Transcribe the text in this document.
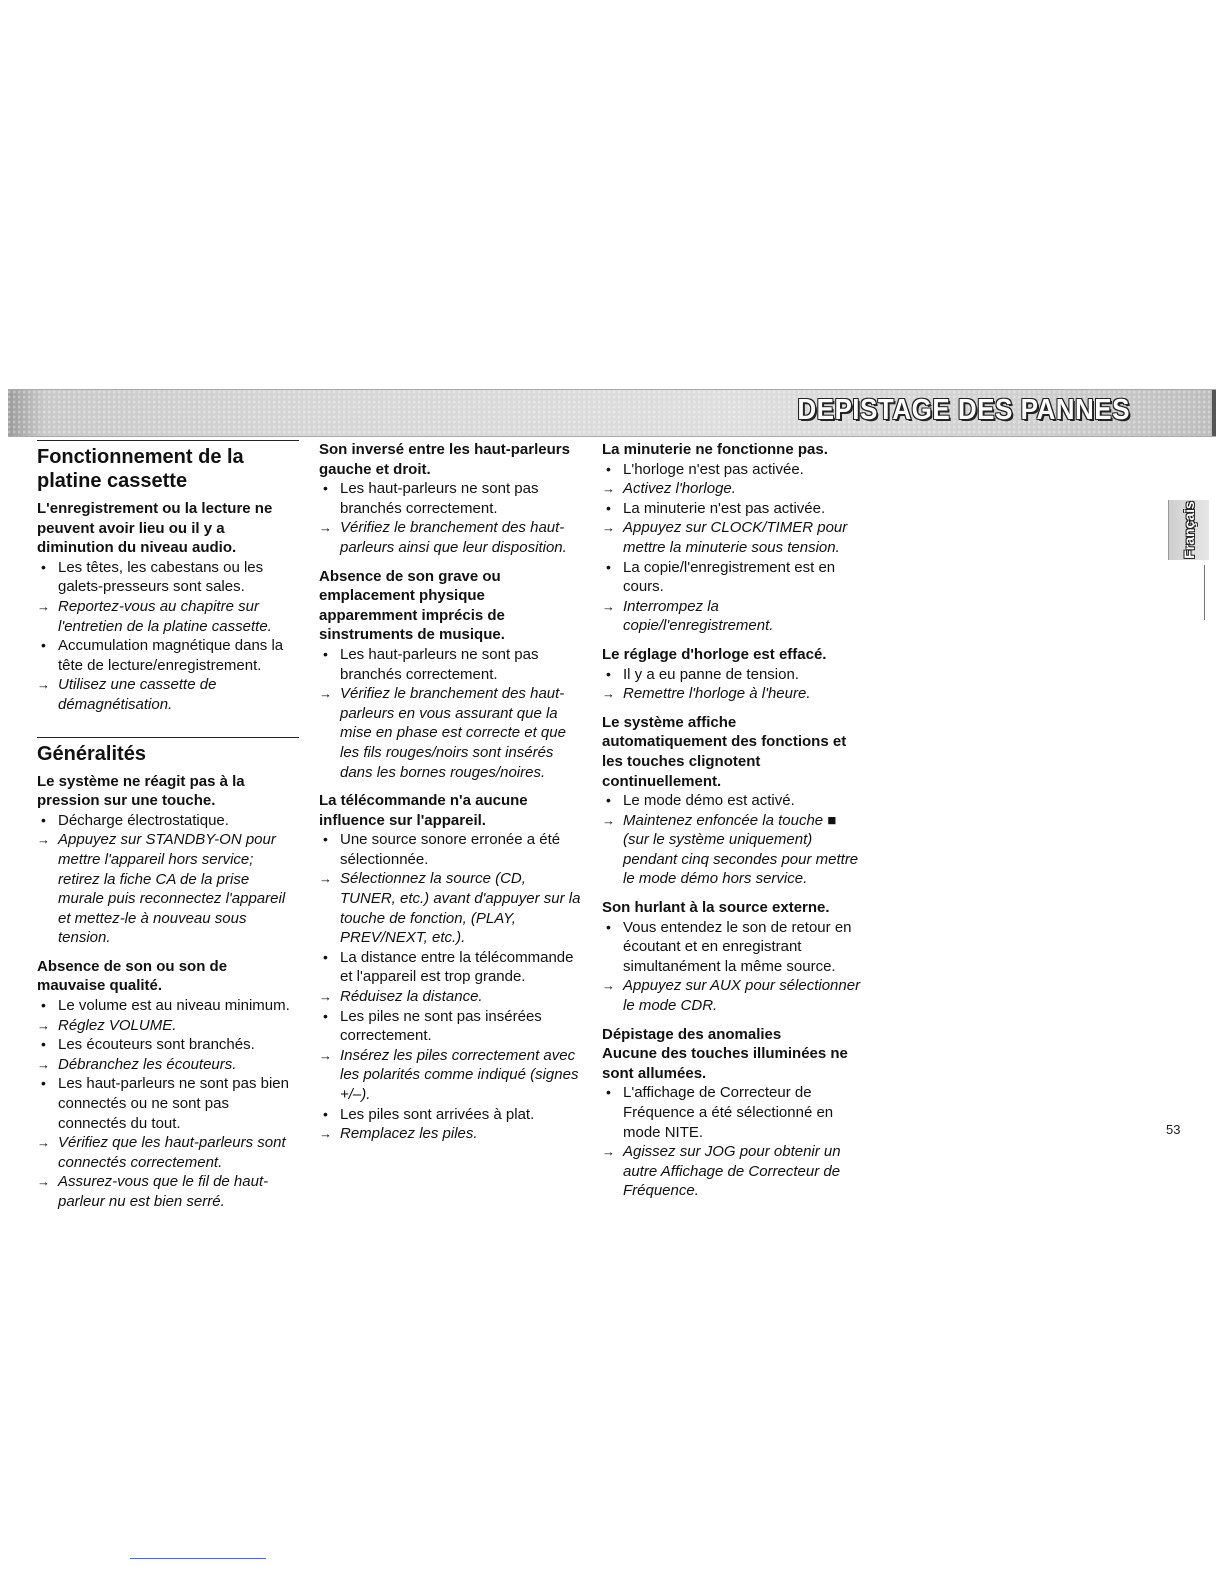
DEPISTAGE DES PANNES
Français
Fonctionnement de la platine cassette
L'enregistrement ou la lecture ne peuvent avoir lieu ou il y a diminution du niveau audio.
• Les têtes, les cabestans ou les galets-presseurs sont sales.
→ Reportez-vous au chapitre sur l'entretien de la platine cassette.
• Accumulation magnétique dans la tête de lecture/enregistrement.
→ Utilisez une cassette de démagnétisation.
Généralités
Le système ne réagit pas à la pression sur une touche.
• Décharge électrostatique.
→ Appuyez sur STANDBY-ON pour mettre l'appareil hors service; retirez la fiche CA de la prise murale puis reconnectez l'appareil et mettez-le à nouveau sous tension.
Absence de son ou son de mauvaise qualité.
• Le volume est au niveau minimum.
→ Réglez VOLUME.
• Les écouteurs sont branchés.
→ Débranchez les écouteurs.
• Les haut-parleurs ne sont pas bien connectés ou ne sont pas connectés du tout.
→ Vérifiez que les haut-parleurs sont connectés correctement.
→ Assurez-vous que le fil de haut-parleur nu est bien serré.
Son inversé entre les haut-parleurs gauche et droit.
• Les haut-parleurs ne sont pas branchés correctement.
→ Vérifiez le branchement des haut-parleurs ainsi que leur disposition.
Absence de son grave ou emplacement physique apparemment imprécis de sinstruments de musique.
• Les haut-parleurs ne sont pas branchés correctement.
→ Vérifiez le branchement des haut-parleurs en vous assurant que la mise en phase est correcte et que les fils rouges/noirs sont insérés dans les bornes rouges/noires.
La télécommande n'a aucune influence sur l'appareil.
• Une source sonore erronée a été sélectionnée.
→ Sélectionnez la source (CD, TUNER, etc.) avant d'appuyer sur la touche de fonction, (PLAY, PREV/NEXT, etc.).
• La distance entre la télécommande et l'appareil est trop grande.
→ Réduisez la distance.
• Les piles ne sont pas insérées correctement.
→ Insérez les piles correctement avec les polarités comme indiqué (signes +/–).
• Les piles sont arrivées à plat.
→ Remplacez les piles.
La minuterie ne fonctionne pas.
• L'horloge n'est pas activée.
→ Activez l'horloge.
• La minuterie n'est pas activée.
→ Appuyez sur CLOCK/TIMER pour mettre la minuterie sous tension.
• La copie/l'enregistrement est en cours.
→ Interrompez la copie/l'enregistrement.
Le réglage d'horloge est effacé.
• Il y a eu panne de tension.
→ Remettre l'horloge à l'heure.
Le système affiche automatiquement des fonctions et les touches clignotent continuellement.
• Le mode démo est activé.
→ Maintenez enfoncée la touche ■ (sur le système uniquement) pendant cinq secondes pour mettre le mode démo hors service.
Son hurlant à la source externe.
• Vous entendez le son de retour en écoutant et en enregistrant simultanément la même source.
→ Appuyez sur AUX pour sélectionner le mode CDR.
Dépistage des anomalies
Aucune des touches illuminées ne sont allumées.
• L'affichage de Correcteur de Fréquence a été sélectionné en mode NITE.
→ Agissez sur JOG pour obtenir un autre Affichage de Correcteur de Fréquence.
53
